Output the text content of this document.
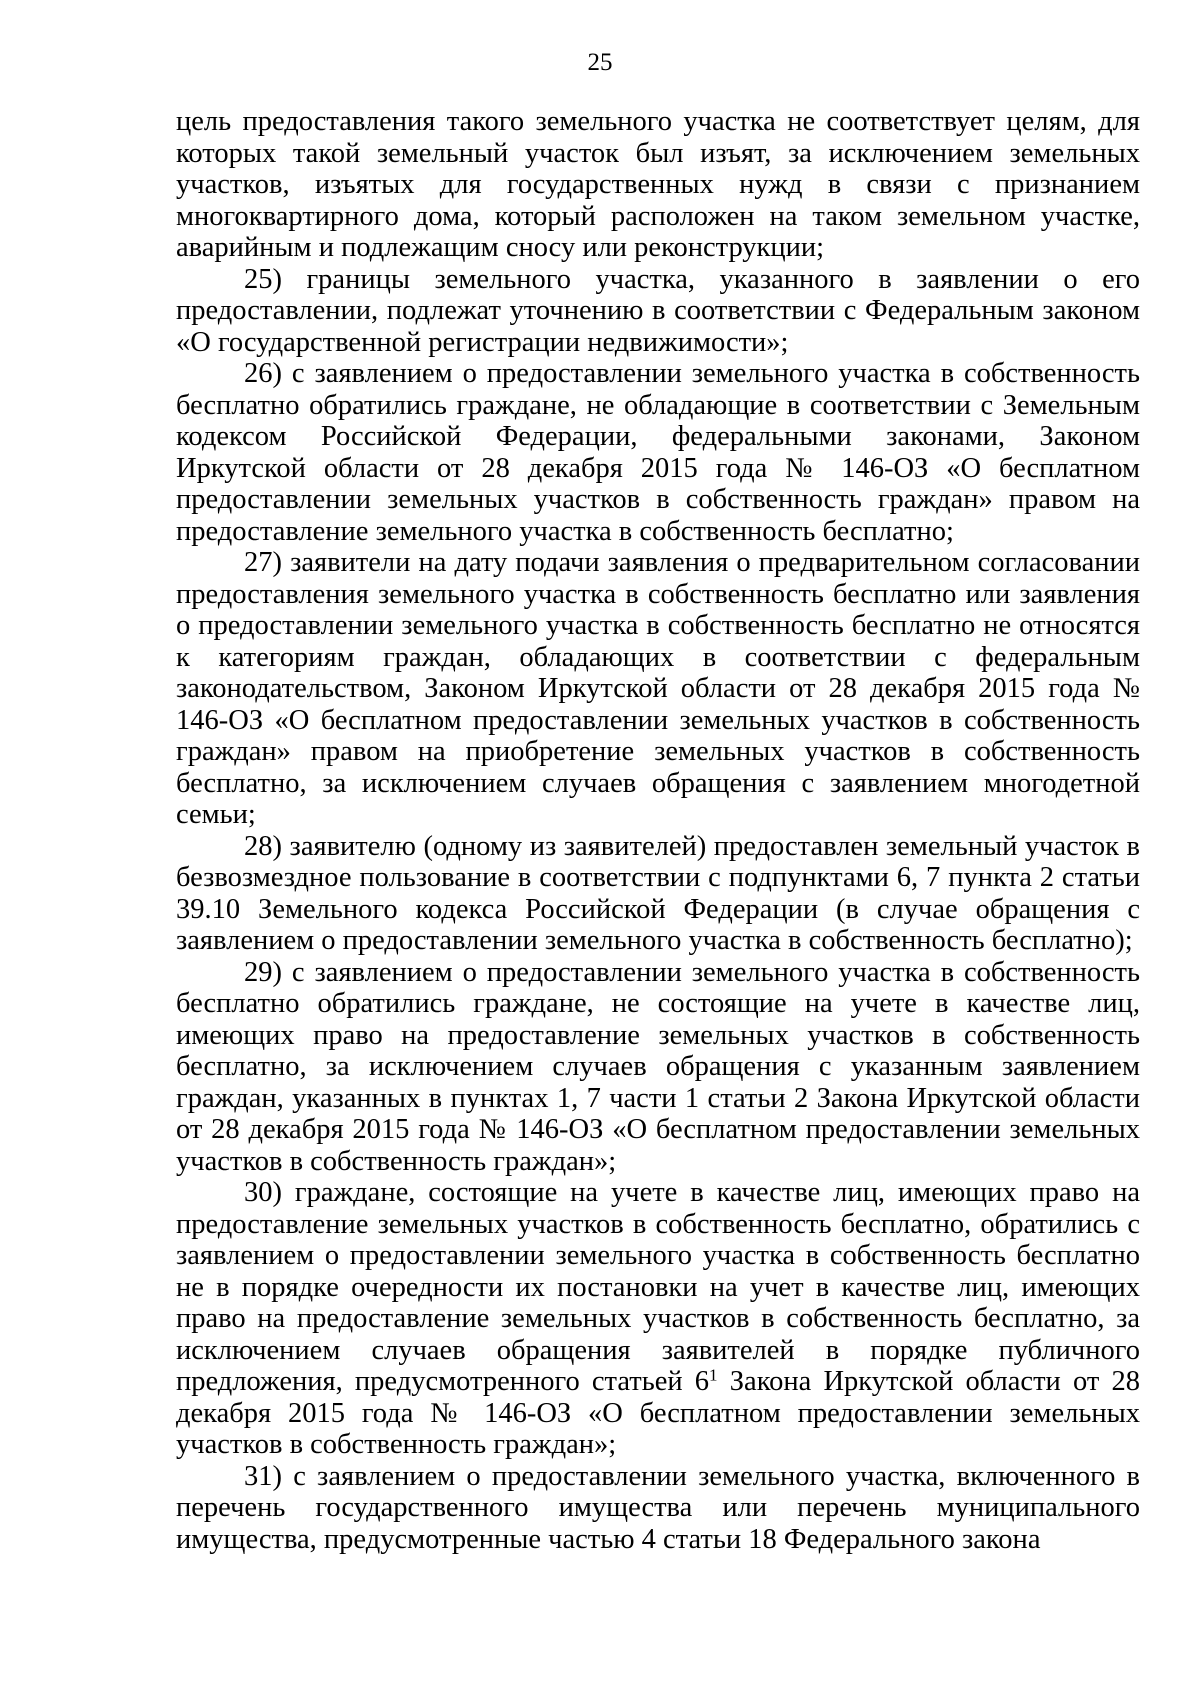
25

цель предоставления такого земельного участка не соответствует целям, для которых такой земельный участок был изъят, за исключением земельных участков, изъятых для государственных нужд в связи с признанием многоквартирного дома, который расположен на таком земельном участке, аварийным и подлежащим сносу или реконструкции;

25) границы земельного участка, указанного в заявлении о его предоставлении, подлежат уточнению в соответствии с Федеральным законом «О государственной регистрации недвижимости»;

26) с заявлением о предоставлении земельного участка в собственность бесплатно обратились граждане, не обладающие в соответствии с Земельным кодексом Российской Федерации, федеральными законами, Законом Иркутской области от 28 декабря 2015 года № 146-ОЗ «О бесплатном предоставлении земельных участков в собственность граждан» правом на предоставление земельного участка в собственность бесплатно;

27) заявители на дату подачи заявления о предварительном согласовании предоставления земельного участка в собственность бесплатно или заявления о предоставлении земельного участка в собственность бесплатно не относятся к категориям граждан, обладающих в соответствии с федеральным законодательством, Законом Иркутской области от 28 декабря 2015 года № 146-ОЗ «О бесплатном предоставлении земельных участков в собственность граждан» правом на приобретение земельных участков в собственность бесплатно, за исключением случаев обращения с заявлением многодетной семьи;

28) заявителю (одному из заявителей) предоставлен земельный участок в безвозмездное пользование в соответствии с подпунктами 6, 7 пункта 2 статьи 39.10 Земельного кодекса Российской Федерации (в случае обращения с заявлением о предоставлении земельного участка в собственность бесплатно);

29) с заявлением о предоставлении земельного участка в собственность бесплатно обратились граждане, не состоящие на учете в качестве лиц, имеющих право на предоставление земельных участков в собственность бесплатно, за исключением случаев обращения с указанным заявлением граждан, указанных в пунктах 1, 7 части 1 статьи 2 Закона Иркутской области от 28 декабря 2015 года № 146-ОЗ «О бесплатном предоставлении земельных участков в собственность граждан»;

30) граждане, состоящие на учете в качестве лиц, имеющих право на предоставление земельных участков в собственность бесплатно, обратились с заявлением о предоставлении земельного участка в собственность бесплатно не в порядке очередности их постановки на учет в качестве лиц, имеющих право на предоставление земельных участков в собственность бесплатно, за исключением случаев обращения заявителей в порядке публичного предложения, предусмотренного статьей $6^1$ Закона Иркутской области от 28 декабря 2015 года № 146-ОЗ «О бесплатном предоставлении земельных участков в собственность граждан»;

31) с заявлением о предоставлении земельного участка, включенного в перечень государственного имущества или перечень муниципального имущества, предусмотренные частью 4 статьи 18 Федерального закона
